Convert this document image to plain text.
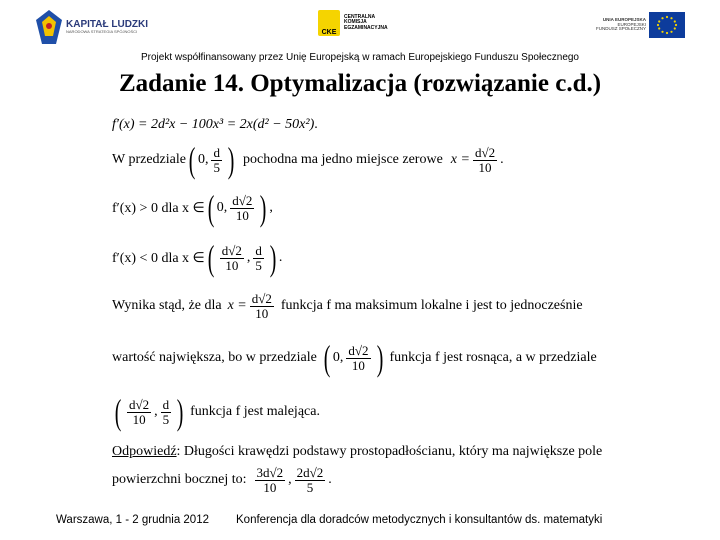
KAPITAŁ LUDZKI
NARODOWA STRATEGIA SPÓJNOŚCI	CKE
CENTRALNA
KOMISJA
EGZAMINACYJNA
UNIA EUROPEJSKA
EUROPEJSKI
FUNDUSZ SPOŁECZNY
Projekt współfinansowany przez Unię Europejską w ramach Europejskiego Funduszu Społecznego
Zadanie 14. Optymalizacja (rozwiązanie c.d.)
f′(x) = 2d²x − 100x³ = 2x(d² − 50x²) .
W przedziale ( 0, $\frac{d}{5}$ ) pochodna ma jedno miejsce zerowe $x = \frac{d√2}{10}$ .
f′(x) > 0 dla x ∈ ( 0, $\frac{d√2}{10}$ ) ,
f′(x) < 0 dla x ∈ ( $\frac{d√2}{10}$ , $\frac{d}{5}$ ) .
Wynika stąd, że dla $x = \frac{d√2}{10}$ funkcja f ma maksimum lokalne i jest to jednocześnie
wartość największa, bo w przedziale ( 0, $\frac{d√2}{10}$ ) funkcja f jest rosnąca, a w przedziale
( $\frac{d√2}{10}$ , $\frac{d}{5}$ ) funkcja f jest malejąca.
Odpowiedź : Długości krawędzi podstawy prostopadłościanu, który ma największe pole
powierzchni bocznej to: $\frac{3d√2}{10}$ , $\frac{2d√2}{5}$ .
Warszawa, 1 - 2 grudnia 2012 Konferencja dla doradców metodycznych i konsultantów ds. matematyki
